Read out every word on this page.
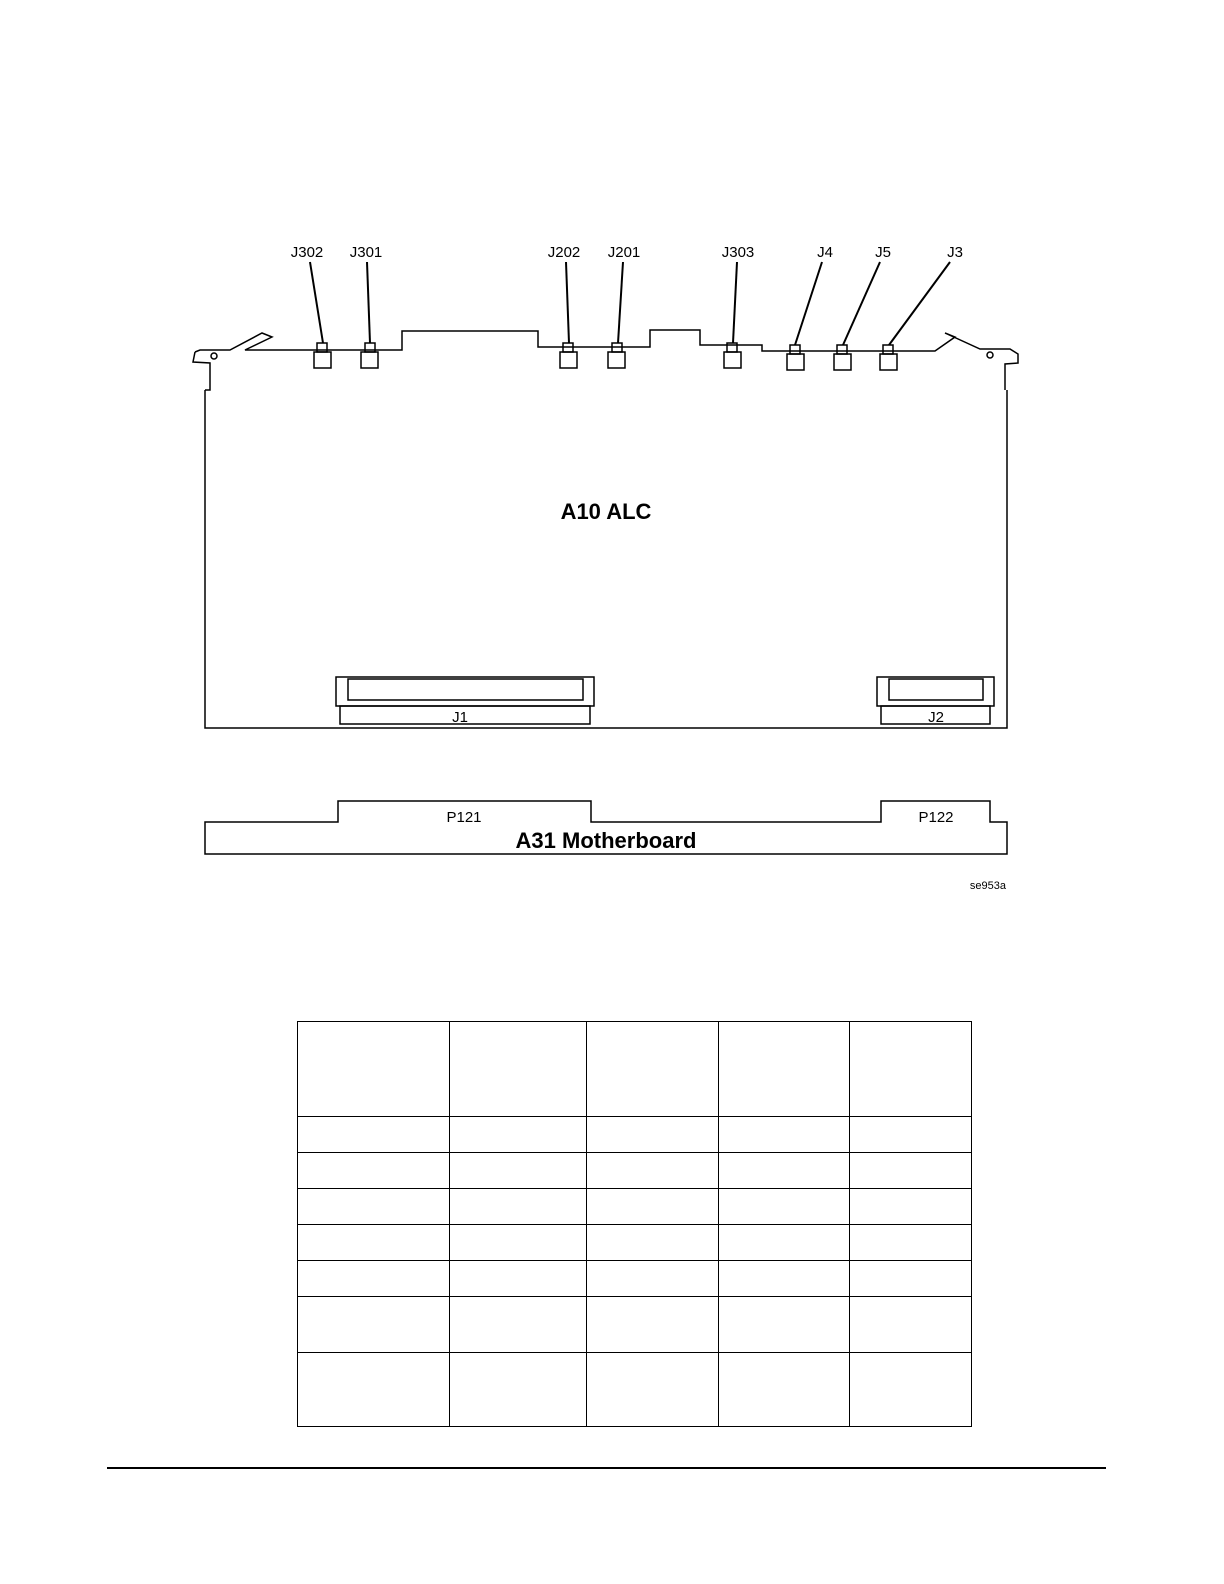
J302 J301	J202 J201	J303	J4	J5	J3
A10 ALC
J1	J2
P121	P122
A31 Motherboard
se953a
